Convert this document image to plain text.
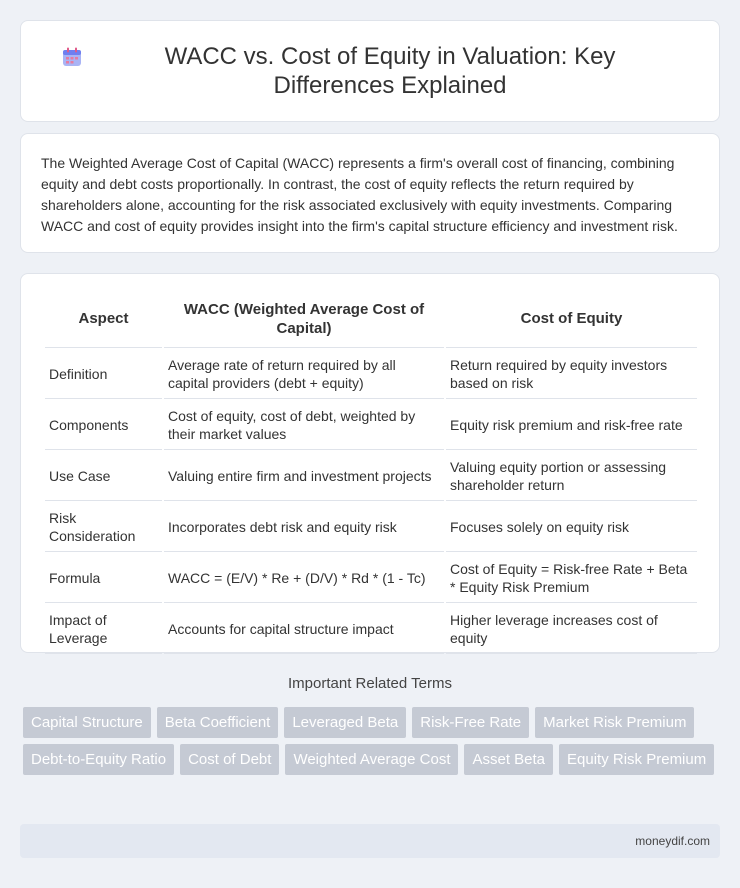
WACC vs. Cost of Equity in Valuation: Key Differences Explained

The Weighted Average Cost of Capital (WACC) represents a firm's overall cost of financing, combining equity and debt costs proportionally. In contrast, the cost of equity reflects the return required by shareholders alone, accounting for the risk associated exclusively with equity investments. Comparing WACC and cost of equity provides insight into the firm's capital structure efficiency and investment risk.

Aspect	WACC (Weighted Average Cost of Capital)	Cost of Equity
Definition	Average rate of return required by all capital providers (debt + equity)	Return required by equity investors based on risk
Components	Cost of equity, cost of debt, weighted by their market values	Equity risk premium and risk-free rate
Use Case	Valuing entire firm and investment projects	Valuing equity portion or assessing shareholder return
Risk Consideration	Incorporates debt risk and equity risk	Focuses solely on equity risk
Formula	WACC = (E/V) * Re + (D/V) * Rd * (1 - Tc)	Cost of Equity = Risk-free Rate + Beta * Equity Risk Premium
Impact of Leverage	Accounts for capital structure impact	Higher leverage increases cost of equity
Important Related Terms
Capital Structure	Beta Coefficient	Leveraged Beta	Risk-Free Rate	Market Risk Premium
Debt-to-Equity Ratio	Cost of Debt	Weighted Average Cost	Asset Beta	Equity Risk Premium
moneydif.com
